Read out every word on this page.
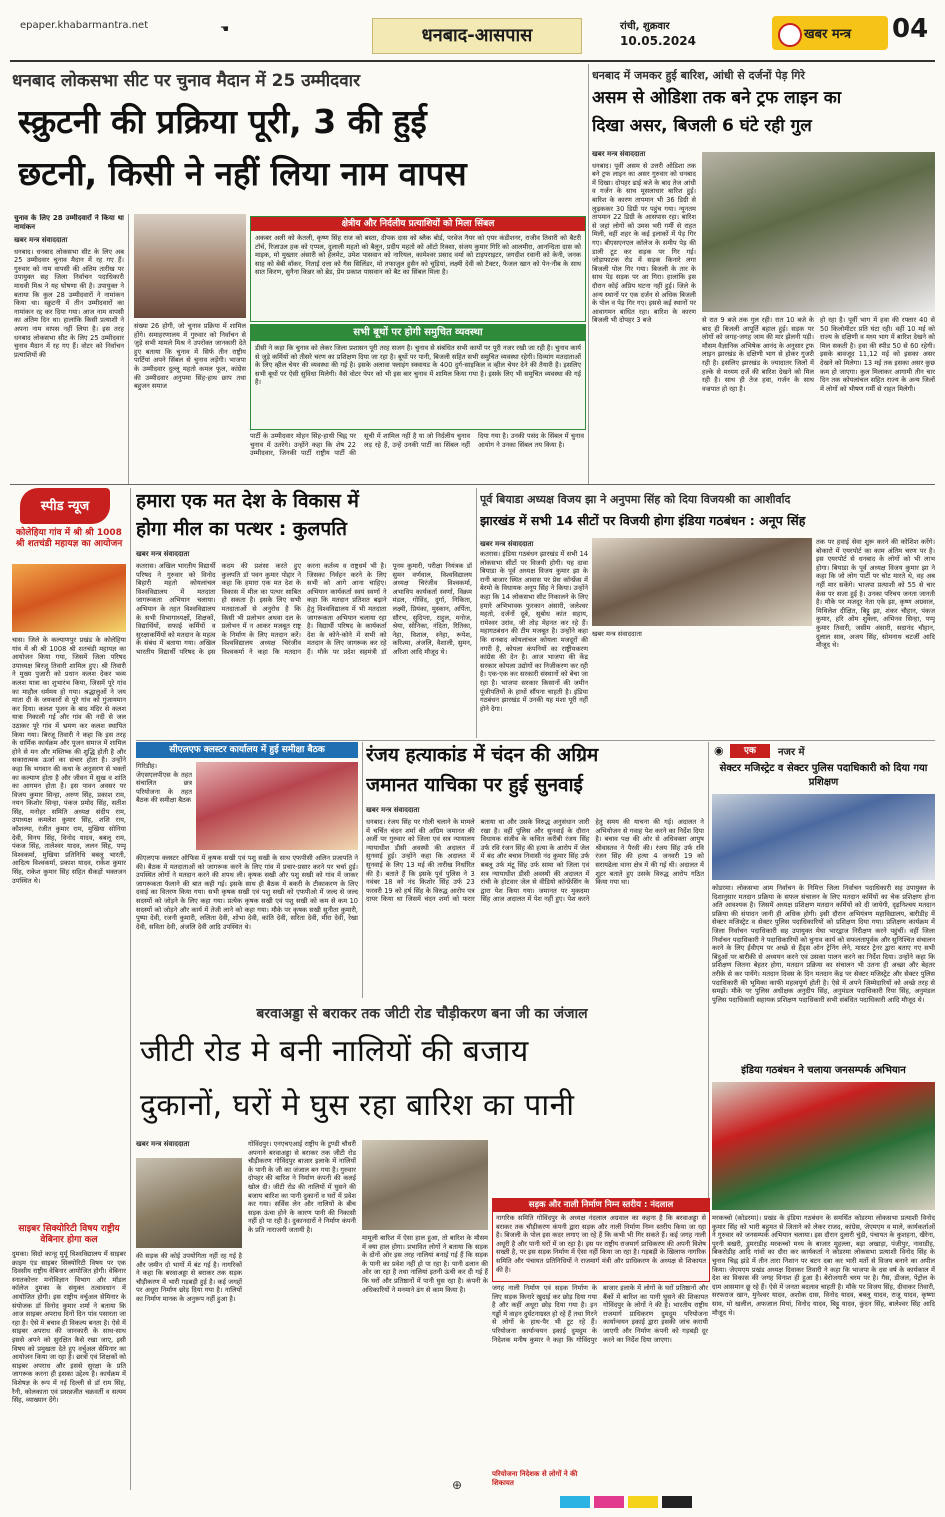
epaper.khabarmantra.net	☚	धनबाद-आसपास	रांची, शुक्रवार
10.05.2024	खबर मन्त्र 04
धनबाद लोकसभा सीट पर चुनाव मैदान में 25 उम्मीदवार
स्क्रुटनी की प्रक्रिया पूरी, 3 की हुई
छटनी, किसी ने नहीं लिया नाम वापस
चुनाव के लिए 28 उम्मीदवारों ने किया था नामांकन
खबर मन्त्र संवाददाता

धनबाद। धनबाद लोकसभा सीट के लिए अब 25 उम्मीदवार चुनाव मैदान में रह गए हैं। गुरुवार को नाम वापसी की अंतिम तारीख पर उपायुक्त सह जिला निर्वाचन पदाधिकारी माधवी मिश्र ने यह घोषणा की है। उपायुक्त ने बताया कि कुल 28 उम्मीदवारों ने नामांकन किया था। स्क्रुटनी में तीन उम्मीदवारों का नामांकन रद्द कर दिया गया। आज नाम वापसी का अंतिम दिन था। हालांकि किसी प्रत्याशी ने अपना नाम वापस नहीं लिया है। इस तरह धनबाद लोकसभा सीट के लिए 25 उम्मीदवार चुनाव मैदान में रह गए हैं। वोटर को निर्वाचन प्रत्याशियों की

संख्या 26 होगी, जो चुनाव प्रक्रिया में शामिल होंगे। समाहरणालय में गुरुवार को निर्वाचन से जुड़े सभी मामले मिश्र ने उपरोक्त जानकारी देते हुए बताया कि चुनाव में सिर्फ तीन राष्ट्रीय पार्टियां अपने सिंबल से चुनाव लड़ेंगी। भाजपा के उम्मीदवार दुल्लू महतो कमल फूल, कांग्रेस की उम्मीदवार अनुपमा सिंह-हाथ छाप तथा बहुजन समाज

क्षेत्रीय और निर्दलीय प्रत्याशियों को मिला सिंबल
अकबर अली को केतली, कृष्ण सिंह राज को बस्ता, दीपक दास को ब्लैक बोर्ड, परवेज नैयर को एयर कंडीशनर, राजीव तिवारी को बैटरी टॉर्च, रिजाउल हक को एप्पल, दुलाली महतो को बैलून, प्रदीप महतो को ऑटो रिक्शा, संजय कुमार गिरि को आलमीरा, आनन्दिता दास को माइक, मो मुख्तार अंसारी को हेलमेट, उमेश पासवान को नारियल, कामेश्वर प्रसाद वर्मा को टाइपराइटर, जगदीश रवानी को केनी, जनक साह को बेबी वॉकर, निताई दत्ता को गैस सिलिंडर, मो तफाजुल हुसैन को चूड़ियां, लक्ष्मी देवी को टैक्टर, फैजल खान को पेन-नीब के साथ सात किरण, सुनैना किन्नर को ब्रेड, प्रेम प्रकाश पासवान को बैट का सिंबल मिला है।
सभी बूथों पर होगी समुचित व्यवस्था
डीसी ने कहा कि चुनाव को लेकर जिला प्रशासन पूरी तरह सजग है। चुनाव से संबंधित सभी कार्यों पर पूरी नजर रखी जा रही है। चुनाव कार्य से जुड़े कर्मियों को तीसरे चरण का प्रशिक्षण दिया जा रहा है। बूथों पर पानी, बिजली सहित सभी समुचित व्यवस्था रहेगी। दिव्यांग मतदाताओं के लिए व्हील चेयर की व्यवस्था की गई है। इसके अलावा फ्लाइंग स्क्वायड के 400 दुर्ग-साइकिल व व्हील चेयर देने की तैयारी है। इसलिए सभी बूथों पर ऐसी सुविधा मिलेगी। वैसे वोटर पेपर को भी इस बार चुनाव में शामिल किया गया है। इसके लिए भी समुचित व्यवस्था की गई है।
पार्टी के उम्मीदवार मोहन सिंह-हाथी चिह्न पर चुनाव में उतरेंगे। उन्होंने कहा कि शेष 22 उम्मीदवार, जिनकी पार्टी राष्ट्रीय पार्टी की सूची में शामिल नहीं है या जो निर्दलीय चुनाव लड़ रहे हैं, उन्हें उनकी पार्टी का सिंबल नहीं दिया गया है। उनकी पसंद के सिंबल में चुनाव आयोग ने उनका सिंबल तय किया है।
धनबाद में जमकर हुई बारिश, आंधी से दर्जनों पेड़ गिरे
असम से ओडिशा तक बने ट्रफ लाइन का
दिखा असर, बिजली 6 घंटे रही गुल
खबर मन्त्र संवाददाता

धनबाद। पूर्वी असम से उत्तरी ओडिशा तक बने ट्रफ लाइन का असर गुरुवार को धनबाद में दिखा। दोपहर ढाई बजे के बाद तेज आंधी व गर्जन के साथ मूसलाधार बारिश हुई। बारिश के कारण तापमान भी 36 डिग्री से लुढ़ककर 30 डिग्री पर पहुंच गया। न्यूनतम तापमान 22 डिग्री के आसपास रहा। बारिश से जहां लोगों को उमस भरी गर्मी से राहत मिली, वहीं शहर के कई इलाकों में पेड़ गिर गए। बीएसएनएल कॉलेज के समीप पेड़ की डाली टूट कर सड़क पर गिर गई। जोड़ाफाटक रोड में सड़क किनारे लगा बिजली पोल गिर गया। बिजली के तार के साथ पेड़ सड़क पर आ गिरा। हालांकि इस दौरान कोई अप्रिय घटना नहीं हुई। जिले के अन्य स्थानों पर एक दर्जन से अधिक बिजली के पोल व पेड़ गिर गए। इससे कई स्थानों पर आवागमन बाधित रहा। बारिश के कारण बिजली भी दोपहर 3 बजे	से रात 9 बजे तक गुल रही। रात 10 बजे के बाद ही बिजली आपूर्ति बहाल हुई। सड़क पर लोगों को जगह-जगह जाम की मार झेलनी पड़ी। मौसम वैज्ञानिक अभिषेक आनंद के अनुसार ट्रफ लाइन झारखंड के दक्षिणी भाग से होकर गुजरी रही है। इसलिए झारखंड के ज्यादातर जिलों में हल्के से मध्यम दर्जे की बारिश देखने को मिल रही है। साथ ही तेज हवा, गर्जन के साथ वज्रपात हो रहा है।
हो रहा है। पूर्वी भाग में हवा की रफ्तार 40 से 50 किलोमीटर प्रति घंटा रही। वहीं 10 मई को राज्य के दक्षिणी व मध्य भाग में बारिश देखने को मिल सकती है। हवा की स्पीड 50 से 60 रहेगी। इसके बावजूद 11,12 मई को इसका असर देखने को मिलेगा। 13 मई तक इसका असर कुछ कम हो जाएगा। कुल मिलाकर आगामी तीन चार दिन तक कोयलांचल सहित राज्य के अन्य जिलों में लोगों को भीषण गर्मी से राहत मिलेगी।
स्पीड न्यूज
कोलेहिया गांव में श्री श्री 1008 श्री शतचंडी महायज्ञ का आयोजन
चास। जिले के कल्याणपुर प्रखंड के कोलेहिया गांव में श्री श्री 1008 श्री शतचंडी महायज्ञ का आयोजन किया गया, जिसमें जिला परिषद उपाध्यक्ष बिरजू तिवारी शामिल हुए। श्री तिवारी ने मुख्य पुजारी को प्रधान कलश देकर भव्य कलश यात्रा का शुभारंभ किया, जिसमें पूरे गांव का माहौल धर्ममय हो गया। श्रद्धालुओं ने जय माता दी के जयकारों से पूरे गांव को गुंजायमान कर दिया। कलश पूजन के बाद मंदिर से कलश यात्रा निकाली गई और गांव की नदी से जल उठाकर पूरे गांव में भ्रमण कर कलश स्थापित किया गया। बिरजू तिवारी ने कहा कि इस तरह के धार्मिक कार्यक्रम और पूजन समाज में शामिल होने से मन और मस्तिष्क की शुद्धि होती है और सकारात्मक ऊर्जा का संचार होता है। उन्होंने कहा कि भगवान की कथा के अनुसरण से भक्तों का कल्याण होता है और जीवन में सुख व शांति का आगमन होता है। इस पावन अवसर पर विजय कुमार सिन्हा, अरुण सिंह, प्रकाश राम, नयन किशोर सिन्हा, पंकज प्रमोद सिंह, सतीश सिंह, मनोहर समिति अध्यक्ष संदीप राम, उपाध्यक्ष कमलेश कुमार सिंह, शशि राय, कौशल्या, रंजीत कुमार राम, मुखिया सोनिया देवी, विनय सिंह, विनोद यादव, बबलू राम, पंकज सिंह, तालेश्वर यादव, ललन सिंह, पप्पू विश्वकर्मा, मुखिया प्रतिनिधि बबलू भारती, आदित्य विश्वकर्मा, प्रकाश यादव, राकेश कुमार सिंह, राकेश कुमार सिंह सहित सैकड़ों भक्तजन उपस्थित थे।
साइबर सिक्योरिटी विषय राष्ट्रीय वेबिनार होगा कल
दुमका। सिदो कान्हू मुर्मू विश्वविद्यालय में साइबर क्राइम एंड साइबर सिक्योरिटी विषय पर एक दिवसीय राष्ट्रीय वेबिनार आयोजित होगी। वेबिनार स्नातकोत्तर मनोविज्ञान विभाग और मॉडल कॉलेज दुमका के संयुक्त तत्वावधान में आयोजित होगी। इस राष्ट्रीय वर्चुअल सेमिनार के संयोजक डॉ विनोद कुमार शर्मा ने बताया कि आज साइबर अपराध दिनों दिन पांव पसारता जा रहा है। ऐसे में बचाव ही विकल्प बनता है। ऐसे में साइबर अपराध की जानकारी के साथ-साथ इससे अपने को सुरक्षित कैसे रखा जाए, इसी विषय को प्रमुखता देते हुए वर्चुअल सेमिनार का आयोजन किया जा रहा है। छात्रों एवं शिक्षकों को साइबर अपराध और इससे सुरक्षा के प्रति जागरूक करना ही इसका उद्देश्य है। कार्यक्रम में विशेषज्ञ के रूप में नई दिल्ली से डॉ राम सिंह, रैनी, कोलकाता एवं प्रसन्नजीत चक्रवर्ती व सत्यम सिंह, व्याख्यान देंगे।
हमारा एक मत देश के विकास में
होगा मील का पत्थर : कुलपति
खबर मन्त्र संवाददाता
कतरास। अखिल भारतीय विद्यार्थी परिषद ने गुरुवार को विनोद बिहारी महतो कोयलांचल विश्वविद्यालय में मतदाता जागरूकता अभियान चलाया। अभियान के तहत विश्वविद्यालय के सभी विभागाध्यक्षों, शिक्षकों, विद्यार्थियों, सफाई कर्मियों व सुरक्षाकर्मियों को मतदान के महत्व के संबंध में बताया गया। अखिल भारतीय विद्यार्थी परिषद के इस कदम की प्रशंसा करते हुए कुलपति डॉ पवन कुमार पोद्दार ने कहा कि हमारा एक मत देश के विकास में मील का पत्थर साबित हो सकता है। इसके लिए सभी मतदाताओं से अनुरोध है कि किसी भी प्रलोभन अथवा दल के प्रलोभन में न आकर मजबूत राष्ट्र के निर्माण के लिए मतदान करें। विश्वविद्यालय अध्यक्ष चिरंजीव विश्वकर्मा ने कहा कि मतदान करना कर्तव्य व राष्ट्रधर्म भी है। जिसका निर्वहन करने के लिए सभी को आगे आना चाहिए। अभियान कार्यकर्ता स्वयं स्वर्णा ने कहा कि मतदान प्रतिशत बढ़ाने हेतु विश्वविद्यालय में भी मतदाता जागरूकता अभियान चलाया रहा है। विद्यार्थी परिषद के कार्यकर्ता देश के कोने-कोने में सभी को मतदान के लिए जागरूक कर रहे हैं। मौके पर प्रदेश सहमंत्री डॉ पूनम कुमारी, परीक्षा नियंत्रक डॉ सुमन वर्णवाल, विश्वविद्यालय अध्यक्ष चिरंजीव विश्वकर्मा, अभाविप कार्यकर्ता स्वर्णा, विक्रम मंडल, गोविंद, दुर्गा, निकिता, लक्ष्मी, प्रियंका, मुस्कान, अर्पिता, सौरभ, सुदिप्ता, राहुल, मनोज, श्रेया, सोनिका, नंदिता, रितिका, नेहा, विशाल, स्नेहा, रूपेश, करिश्मा, अंजलि, वैशाली, सुमन, अरिशा आदि मौजूद थे।
पूर्व बियाडा अध्यक्ष विजय झा ने अनुपमा सिंह को दिया विजयश्री का आशीर्वाद
झारखंड में सभी 14 सीटों पर विजयी होगा इंडिया गठबंधन : अनूप सिंह
खबर मन्त्र संवाददाता
कतरास। इंडिया गठबंधन झारखंड में सभी 14 लोकसभा सीटों पर विजयी होगी। यह दावा बियाडा के पूर्व अध्यक्ष विजय कुमार झा के रानी बाजार स्थित आवास पर प्रेस कॉन्फ्रेंस में बेरमो के विधायक अनूप सिंह ने किया। उन्होंने कहा कि 14 लोकसभा सीट निकालने के लिए हमारे अभिभावक फुरकान अंसारी, जलेश्वर महतो, दर्जनों दूबे, सुबोध कांत सहाय, रामेश्वर उरांव, जी तोड़ मेहनत कर रहे हैं। महागठबंधन की टीम मजबूत है। उन्होंने कहा कि धनबाद कोयलांचल कोयला मजदूरों की नगरी है, कोयला कंपनियों का राष्ट्रीयकरण कांग्रेस की देन है। आज भाजपा की केंद्र सरकार कोयला उद्योगों का निजीकरण कर रही है। एक-एक कर सरकारी संस्थानों को बेचा जा रहा है। भाजपा सरकार किसानों की जमीन पूंजीपतियों के हाथों सौंपना चाहती है। इंडिया गठबंधन झारखंड में उनकी यह मंशा पूरी नहीं होने देगा।
खबर मन्त्र संवाददाता
तक पर हवाई सेवा शुरू करने की कोशिश करेंगे। बोकारो में एयरपोर्ट का काम अंतिम चरण पर है। इस एयरपोर्ट से धनबाद के लोगों को भी लाभ होगा। बियाडा के पूर्व अध्यक्ष विजय कुमार झा ने कहा कि जो लोग पार्टी पर चोट मारते थे, वह अब नहीं मार सकेंगे। भाजपा प्रत्याशी को 55 से चार केस पर सजा हुई है। उनका परिचय जनता जानती है। मौके पर मजदूर नेता एके झा, कृष्ण अग्रवाल, मिथिलेश दीक्षित, बिट्टू झा, शंकर चौहान, पंकज कुमार, हरि ओम शुक्ला, अभिनव सिन्हा, पप्पू कुमार तिवारी, जसीम अंसारी, सदानंद चौहान, दुलाल साव, अजय सिंह, सोमनाथ चटर्जी आदि मौजूद थे।
सीएलएफ क्लस्टर कार्यालय में हुई समीक्षा बैठक
गिरिडीह। जेएसएलपीएस के तहत संचालित छत्र परियोजना के तहत बैठक की समीक्षा बैठक
कीएलएफ क्लस्टर ऑफिस में कृषक सखी एवं पशु सखी के साथ एफपीसी अलिन प्रजापति ने की। बैठक में मतदाताओं को जागरूक करने के लिए गांव में प्रचार-प्रसार करने पर चर्चा हुई। उपस्थित लोगों ने मतदान करने की शपथ ली। कृषक सखी और पशु सखी को गांव में जाकर जागरूकता फैलाने की बात कही गई। इसके साथ ही बैठक में बकरी के टीकाकरण के लिए दवाई का वितरण किया गया। सभी कृषक सखी एवं पशु सखी को एफपीओ में जल्द से जल्द सदस्यों को जोड़ने के लिए कहा गया। प्रत्येक कृषक सखी एवं पशु सखी को कम से कम 10 सदस्यों को जोड़ने और कार्य में तेजी लाने को कहा गया। मौके पर कृषक सखी सुनीता कुमारी, पुष्पा देवी, रजनी कुमारी, ललिता देवी, शोभा देवी, कांति देवी, सरिता देवी, मीरा देवी, रेखा देवी, सविता देवी, अंजलि देवी आदि उपस्थित थे।
रंजय हत्याकांड में चंदन की अग्रिम
जमानत याचिका पर हुई सुनवाई
खबर मन्त्र संवाददाता
धनबाद। रंजय सिंह पर गोली चलाने के मामले में चर्चित चंदन शर्मा की अग्रिम जमानत की अर्जी पर गुरुवार को जिला एवं सत्र न्यायालय न्यायाधीश डीसी अवस्थी की अदालत में सुनवाई हुई। उन्होंने कहा कि अदालत में सुनवाई के लिए 13 मई की तारीख निर्धारित की है। बताते हैं कि इसके पूर्व पुलिस ने 3 नवंबर 18 को नंद किशोर सिंह उर्फ 23 फरवरी 19 को हर्ष सिंह के विरुद्ध आरोप पत्र दायर किया था जिसमें चंदन शर्मा को फरार बताया था और उसके विरुद्ध अनुसंधान जारी रखा है। वहीं पुलिस और सुनवाई के दौरान विधायक संजीव के कथित करीबी रंजय सिंह उर्फ रवि रंजन सिंह की हत्या के आरोप में जेल में बंद और बचाव निवासी नंद कुमार सिंह उर्फ बबलू उर्फ मंटू सिंह उर्फ सामा को जिला एवं सत्र न्यायाधीश डीसी अवस्थी की अदालत में रांची के होटवार जेल से वीडियो कॉन्फ्रेंसिंग के द्वारा पेश किया गया। जमानत पर मुकदमा सिंह आज अदालत में पेश नहीं हुए। पेश करने हेतु समय की याचना की गई। अदालत ने अभियोजन से गवाह पेश करने का निर्देश दिया है। बचाव पक्ष की ओर से अधिवक्ता आयुष श्रीवास्तव ने पैरवी की। रंजय सिंह उर्फ रवि रंजन सिंह की हत्या 4 जनवरी 19 को सरायढेला थाना क्षेत्र में की गई थी। अदालत में शूटर बताते हुए उसके विरुद्ध आरोप गठित किया गया था।
एक	नजर में
◉
सेक्टर मजिस्ट्रेट व सेक्टर पुलिस पदाधिकारी को दिया गया प्रशिक्षण
कोडरमा। लोकसभा आम निर्वाचन के निमित्त जिला निर्वाचन पदाधिकारी सह उपायुक्त के दिशानुसार मतदान प्रक्रिया के सफल संचालन के लिए मतदान कर्मियों का चेक प्रशिक्षण होना अति आवश्यक है। जिसमें अध्यक्ष प्रशिक्षण मतदान कर्मियों को दी जायेगी, दृढ़निश्चय मतदान प्रक्रिया की संपादन जानी ही अधिक होगी। इसी दौरान अभियंत्रण महाविद्यालय, बारीडीह में सेक्टर मजिस्ट्रेट व सेक्टर पुलिस पदाधिकारियों को प्रशिक्षण दिया गया। प्रशिक्षण कार्यक्रम में जिला निर्वाचन पदाधिकारी सह उपायुक्त मेघा भारद्वाज निरीक्षण करने पहुंचीं। वहीं जिला निर्वाचन पदाधिकारी ने पदाधिकारियों को चुनाव कार्य को सफलतापूर्वक और सुनिश्चित संचालन करने के लिए ईवीएम पर अच्छे से हैंड्स ऑन ट्रेनिंग लेने, मास्टर ट्रेनर द्वारा बताए गए सभी बिंदुओं पर बारीकी से अध्ययन करने एवं उसका पालन करने का निर्देश दिया। उन्होंने कहा कि प्रशिक्षण जितना बेहतर होगा, मतदान प्रक्रिया का संचालन भी उतना ही अच्छा और बेहतर तरीके से कर पायेंगे। मतदान दिवस के दिन मतदान केंद्र पर सेक्टर मजिस्ट्रेट और सेक्टर पुलिस पदाधिकारी की भूमिका काफी महत्वपूर्ण होती है। ऐसे में अपने जिम्मेदारियों को अच्छे तरह से समझें। मौके पर पुलिस अधीक्षक अनुदीप सिंह, अनुमंडल पदाधिकारी रिया सिंह, अनुमंडल पुलिस पदाधिकारी सहायक प्रशिक्षण पदाधिकारी सभी संबंधित पदाधिकारी आदि मौजूद थे।
बरवाअड्डा से बराकर तक जीटी रोड चौड़ीकरण बना जी का जंजाल
जीटी रोड मे बनी नालियों की बजाय
दुकानों, घरों मे घुस रहा बारिश का पानी
खबर मन्त्र संवाददाता

	गोविंदपुर। एनएचएआई राष्ट्रीय के टुण्डी चौधरी अपनाने बरवाअड्डा से बराकर तक जीटी रोड चौड़ीकरण गोविंदपुर बाजार इलाके में नालियों के पानी के जी का जंजाल बन गया है। गुरुवार दोपहर की बारिश ने निर्माण कंपनी की कलई खोल दी। जीटी रोड की नालियों में घुसने की बजाय बारिश का पानी दुकानों व घरों में प्रवेश कर गया। सर्विस लेन और नालियों के बीच सड़क ऊंचा होने के कारण पानी की निकासी नहीं हो पा रही है। दुकानदारों ने निर्माण कंपनी के प्रति नाराजगी जतायी है।
मामूली बारिश में ऐसा हाल हुआ, तो बारिश के मौसम में क्या हाल होगा। प्रभावित लोगों ने बताया कि सड़क के दोनों ओर इस तरह नालियां बनाई गई हैं कि सड़क के पानी का प्रवेश नहीं हो पा रहा है। पानी ढलान की ओर जा रहा है तथा नालियां इतनी ऊंची कर दी गई हैं कि घरों और प्रतिष्ठानों में पानी घुस रहा है। कंपनी के अधिकारियों ने मनमाने ढंग से काम किया है।
की सड़क की कोई उपयोगिता नहीं रह गई है और जमीन दो भागों में बंट गई है। नागरिकों ने कहा कि बरवाअड्डा से बराकर तक सड़क चौड़ीकरण में भारी गड़बड़ी हुई है। कई जगहों पर अधूरा निर्माण छोड़ दिया गया है। नालियों का निर्माण मानक के अनुरूप नहीं हुआ है।
सड़क और नाली निर्माण निम्न स्तरीय : नंदलाल
नागरिक समिति गोविंदपुर के अध्यक्ष नंदलाल अग्रवाल का कहना है कि बरवाअड्डा से बराकर तक चौड़ीकरण कंपनी द्वारा सड़क और नाली निर्माण निम्न स्तरीय किया जा रहा है। बिजली के पोल इस कदर लगाए जा रहे हैं कि कभी भी गिर सकते हैं। कई जगह नाली अधूरी है और पानी घरों में जा रहा है। इस पर राष्ट्रीय राजमार्ग प्राधिकरण की अपनी विशेष सख्ती है, पर इस सड़क निर्माण में ऐसा नहीं किया जा रहा है। गड़बड़ी के खिलाफ नागरिक समिति और पंचायत प्रतिनिधियों ने राजमार्ग मंत्री और प्राधिकरण के अध्यक्ष से शिकायत की है।
जगह नाली निर्माण एवं सड़क निर्माण के लिए सड़क किनारे खुदाई कर छोड़ दिया गया है और कहीं अधूरा छोड़ दिया गया है। इन गड्ढों में वाहन दुर्घटनाग्रस्त हो रहे हैं तथा गिरने से लोगों के हाथ-पैर भी टूट रहे हैं। परियोजना कार्यान्वयन इकाई दुमदुम के निदेशक मनीष कुमार ने कहा कि गोविंदपुर बाजार इलाके में लोगों के घरों प्रतिष्ठानों और बैंकों में बारिश का पानी घुसने की शिकायत गोविंदपुर के लोगों ने की है। भारतीय राष्ट्रीय राजमार्ग प्राधिकरण दुमदुम परियोजना कार्यान्वयन इकाई द्वारा इसकी जांच करायी जाएगी और निर्माण कंपनी को गड़बड़ी दूर करने का निर्देश दिया जाएगा।
परियोजना निदेशक से लोगों ने की शिकायत
⊕
इंडिया गठबंधन ने चलाया जनसम्पर्क अभियान
मरकच्चो (कोडरमा)। प्रखंड के इंडिया गठबंधन के समर्थित कोडरमा लोकसभा प्रत्याशी विनोद कुमार सिंह को भारी बहुमत से जिताने को लेकर राजद, कांग्रेस, जेएमएम व माले, कार्यकर्ताओं ने गुरुवार को जनसम्पर्क अभियान चलाया। इस दौरान दुलारी चुंडी, पंचायत के कुशहना, खैरेना, पुरनी बखरी, डुमराडीह मरकच्चो मध्य के बाजार मुहल्ला, बड़ा अखाड़ा, पंजीपुर, नावाडीह, बिकरोडीह आदि गांवों का दौरा कर कार्यकर्ता ने कोडरमा लोकसभा प्रत्याशी विनोद सिंह के चुनाव चिह्न झंडे में तीन तारा निशान पर बटन दबा कर भारी मतों से विजय बनाने का अपील किया। जेएमएम प्रखंड अध्यक्ष दिवाकर तिवारी ने कहा कि भाजपा के दस वर्ष के कार्यकाल में देश का विकास की जगह विनाश ही हुआ है। बेरोजगारी चरम पर है। गैस, डीजल, पेट्रोल के दाम आसमान छू रहे हैं। ऐसे में जनता बदलाव चाहती है। मौके पर विजय सिंह, दीवाकर तिवारी, सरफराज खान, मुनेश्वर यादव, अशोक दास, विनोद यादव, बबलू यादव, राजू यादव, कृष्णा साव, मो खलील, अफजाल मियां, विनोद यादव, बिट्टू यादव, कुंदन सिंह, बालेश्वर सिंह आदि मौजूद थे।
